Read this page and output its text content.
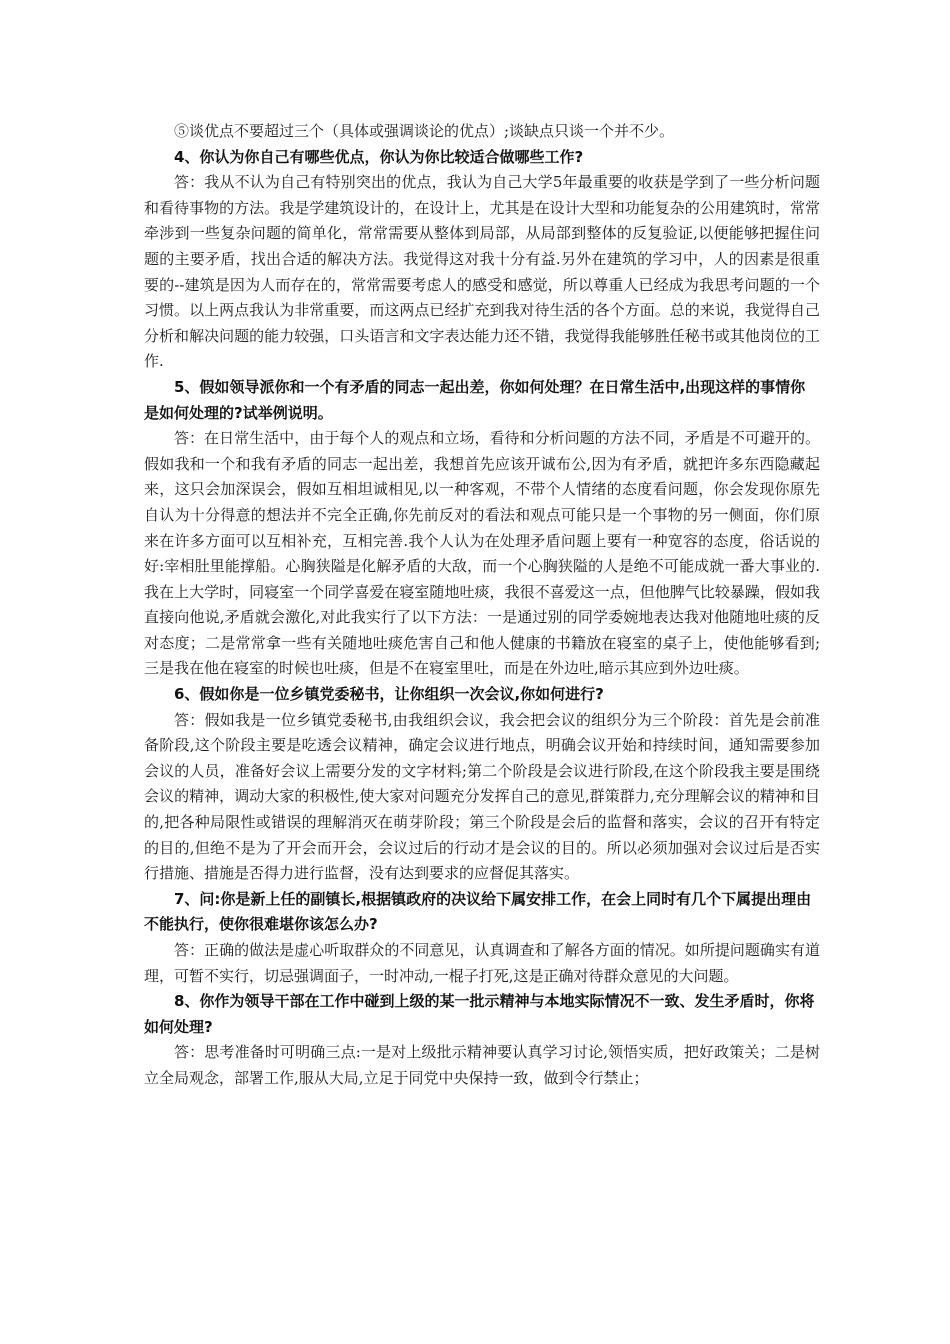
⑤谈优点不要超过三个（具体或强调谈论的优点）;谈缺点只谈一个并不少。

4、你认为你自己有哪些优点，你认为你比较适合做哪些工作?

答：我从不认为自己有特别突出的优点，我认为自己大学5年最重要的收获是学到了一些分析问题和看待事物的方法。我是学建筑设计的，在设计上，尤其是在设计大型和功能复杂的公用建筑时，常常牵涉到一些复杂问题的简单化，常常需要从整体到局部，从局部到整体的反复验证,以便能够把握住问题的主要矛盾，找出合适的解决方法。我觉得这对我十分有益.另外在建筑的学习中，人的因素是很重要的--建筑是因为人而存在的，常常需要考虑人的感受和感觉，所以尊重人已经成为我思考问题的一个习惯。以上两点我认为非常重要，而这两点已经扩充到我对待生活的各个方面。总的来说，我觉得自己分析和解决问题的能力较强，口头语言和文字表达能力还不错，我觉得我能够胜任秘书或其他岗位的工作.

5、假如领导派你和一个有矛盾的同志一起出差，你如何处理？在日常生活中,出现这样的事情你是如何处理的?试举例说明。

答：在日常生活中，由于每个人的观点和立场，看待和分析问题的方法不同，矛盾是不可避开的。假如我和一个和我有矛盾的同志一起出差，我想首先应该开诚布公,因为有矛盾，就把许多东西隐藏起来，这只会加深误会，假如互相坦诚相见,以一种客观，不带个人情绪的态度看问题，你会发现你原先自认为十分得意的想法并不完全正确,你先前反对的看法和观点可能只是一个事物的另一侧面，你们原来在许多方面可以互相补充，互相完善.我个人认为在处理矛盾问题上要有一种宽容的态度，俗话说的好:宰相肚里能撑船。心胸狭隘是化解矛盾的大敌，而一个心胸狭隘的人是绝不可能成就一番大事业的.我在上大学时，同寝室一个同学喜爱在寝室随地吐痰，我很不喜爱这一点，但他脾气比较暴躁，假如我直接向他说,矛盾就会激化,对此我实行了以下方法：一是通过别的同学委婉地表达我对他随地吐痰的反对态度；二是常常拿一些有关随地吐痰危害自己和他人健康的书籍放在寝室的桌子上，使他能够看到;三是我在他在寝室的时候也吐痰，但是不在寝室里吐，而是在外边吐,暗示其应到外边吐痰。

6、假如你是一位乡镇党委秘书，让你组织一次会议,你如何进行?

答：假如我是一位乡镇党委秘书,由我组织会议，我会把会议的组织分为三个阶段：首先是会前准备阶段,这个阶段主要是吃透会议精神，确定会议进行地点，明确会议开始和持续时间，通知需要参加会议的人员，准备好会议上需要分发的文字材料;第二个阶段是会议进行阶段,在这个阶段我主要是围绕会议的精神，调动大家的积极性,使大家对问题充分发挥自己的意见,群策群力,充分理解会议的精神和目的,把各种局限性或错误的理解消灭在萌芽阶段；第三个阶段是会后的监督和落实，会议的召开有特定的目的,但绝不是为了开会而开会，会议过后的行动才是会议的目的。所以必须加强对会议过后是否实行措施、措施是否得力进行监督，没有达到要求的应督促其落实。

7、问:你是新上任的副镇长,根据镇政府的决议给下属安排工作，在会上同时有几个下属提出理由不能执行，使你很难堪你该怎么办?

答：正确的做法是虚心听取群众的不同意见，认真调查和了解各方面的情况。如所提问题确实有道理，可暂不实行，切忌强调面子，一时冲动,一棍子打死,这是正确对待群众意见的大问题。

8、你作为领导干部在工作中碰到上级的某一批示精神与本地实际情况不一致、发生矛盾时，你将如何处理?

答：思考准备时可明确三点:一是对上级批示精神要认真学习讨论,领悟实质，把好政策关；二是树立全局观念，部署工作,服从大局,立足于同党中央保持一致，做到令行禁止；
